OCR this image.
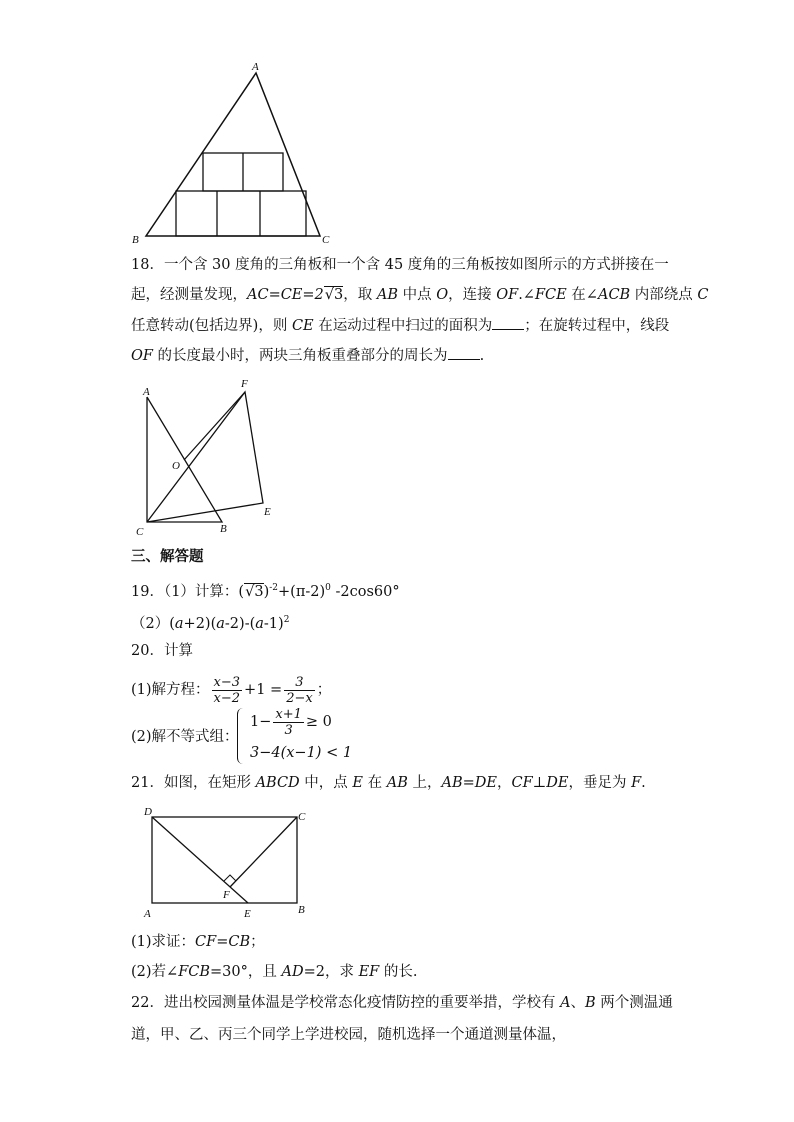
A
B	C
18．一个含 30 度角的三角板和一个含 45 度角的三角板按如图所示的方式拼接在一
起，经测量发现，AC=CE=2√3，取 AB 中点 O，连接 OF.∠FCE 在∠ACB 内部绕点 C
任意转动(包括边界)，则 CE 在运动过程中扫过的面积为 ；在旋转过程中，线段
OF 的长度最小时，两块三角板重叠部分的周长为 .
A
F
O
C	B
E
三、解答题
19．（1）计算：$(√3)^{-2}+(\pi-2)^0$ -2cos60°
$(2)(a+2)(a-2)-(a-1)^2$
20．计算
(1)解方程： $\frac{x-3}{x-2} +1 = \frac{3}{2-x}$ ；
(2)解不等式组：
$1- \frac{x+1}{3} \ge 0$
3−4(x−1) < 1
21．如图，在矩形 ABCD 中，点 E 在 AB 上，AB=DE，CF⊥DE，垂足为 F.
D	C
F
A	E	B
(1)求证：CF=CB；
(2)若∠FCB=30°，且 AD=2，求 EF 的长.
22．进出校园测量体温是学校常态化疫情防控的重要举措，学校有 A、B 两个测温通
道，甲、乙、丙三个同学上学进校园，随机选择一个通道测量体温，
